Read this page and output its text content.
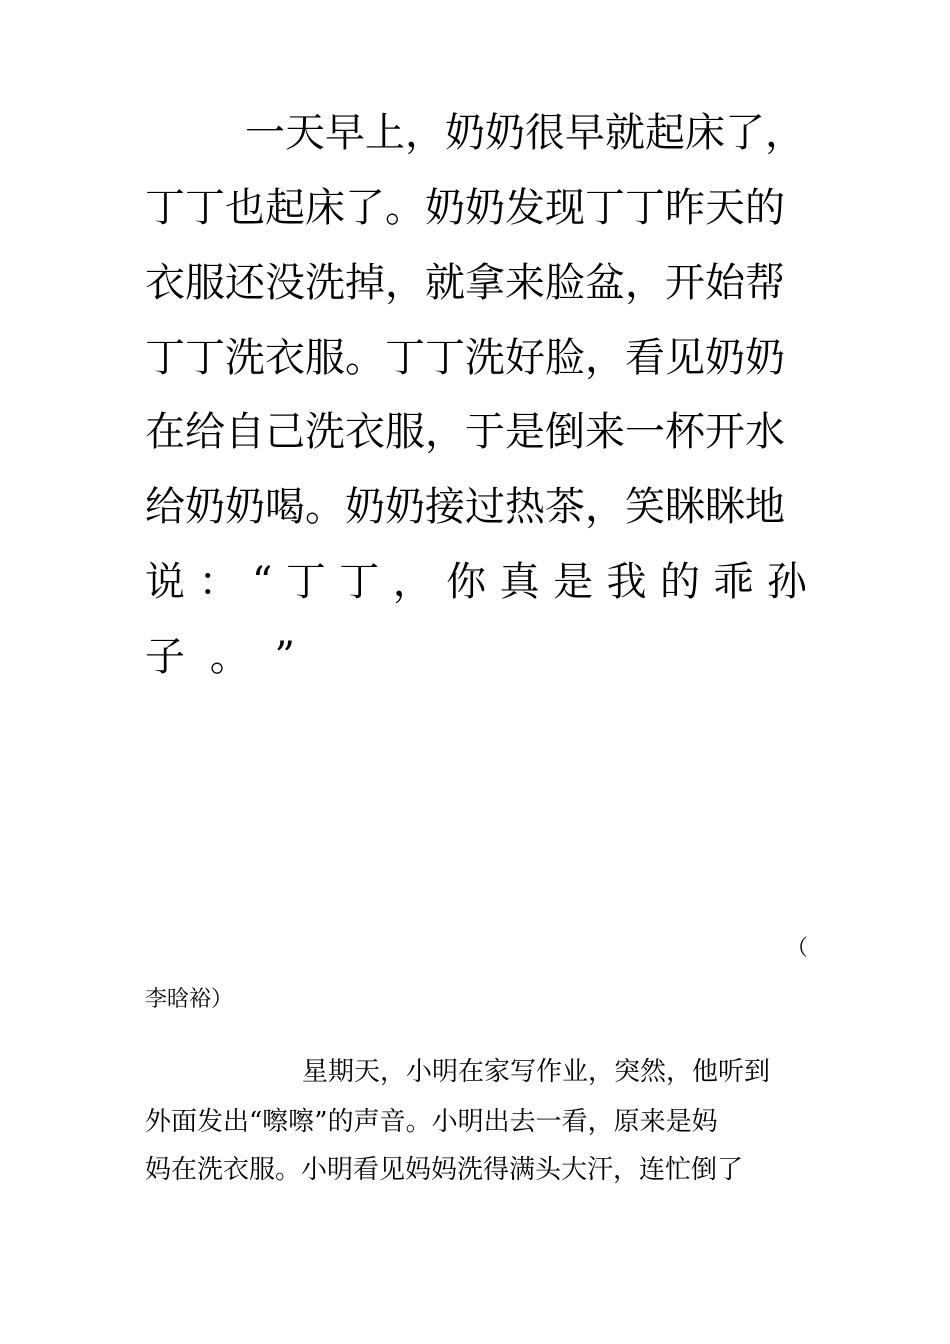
一天早上，奶奶很早就起床了，
丁丁也起床了。奶奶发现丁丁昨天的
衣服还没洗掉，就拿来脸盆，开始帮
丁丁洗衣服。丁丁洗好脸，看见奶奶
在给自己洗衣服，于是倒来一杯开水
给奶奶喝。奶奶接过热茶，笑眯眯地
说 ： “ 丁 丁 ， 你 真 是 我 的 乖 孙
子 。 ”
（
李晗裕）
星期天，小明在家写作业，突然，他听到
外面发出“嚓嚓”的声音。小明出去一看，原来是妈
妈在洗衣服。小明看见妈妈洗得满头大汗，连忙倒了
